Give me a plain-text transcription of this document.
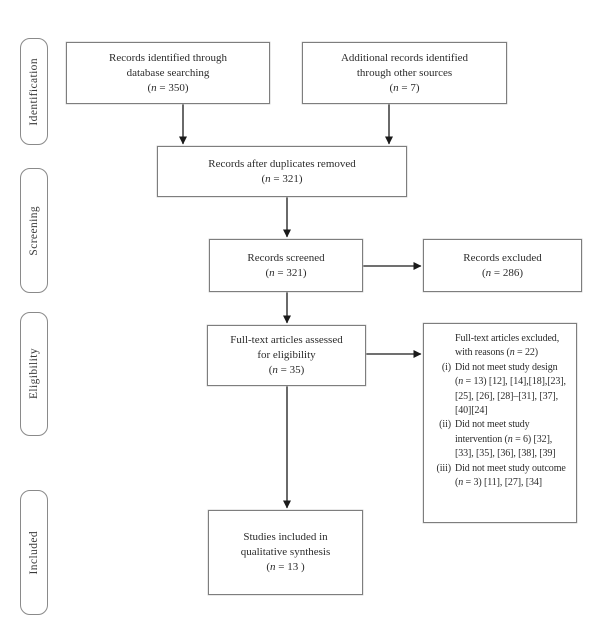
Identification
Screening
Eligibility
Included
Records identified through
database searching
(n = 350)
Additional records identified
through other sources
(n = 7)
Records after duplicates removed
(n = 321)
Records screened
(n = 321)
Records excluded
(n = 286)
Full-text articles assessed
for eligibility
(n = 35)
Full-text articles excluded, with reasons (n = 22)
(i) Did not meet study design (n = 13) [12], [14],[18],[23], [25], [26], [28]–[31], [37], [40][24]
(ii) Did not meet study intervention (n = 6) [32], [33], [35], [36], [38], [39]
(iii) Did not meet study outcome (n = 3) [11], [27], [34]
Studies included in
qualitative synthesis
(n = 13 )
